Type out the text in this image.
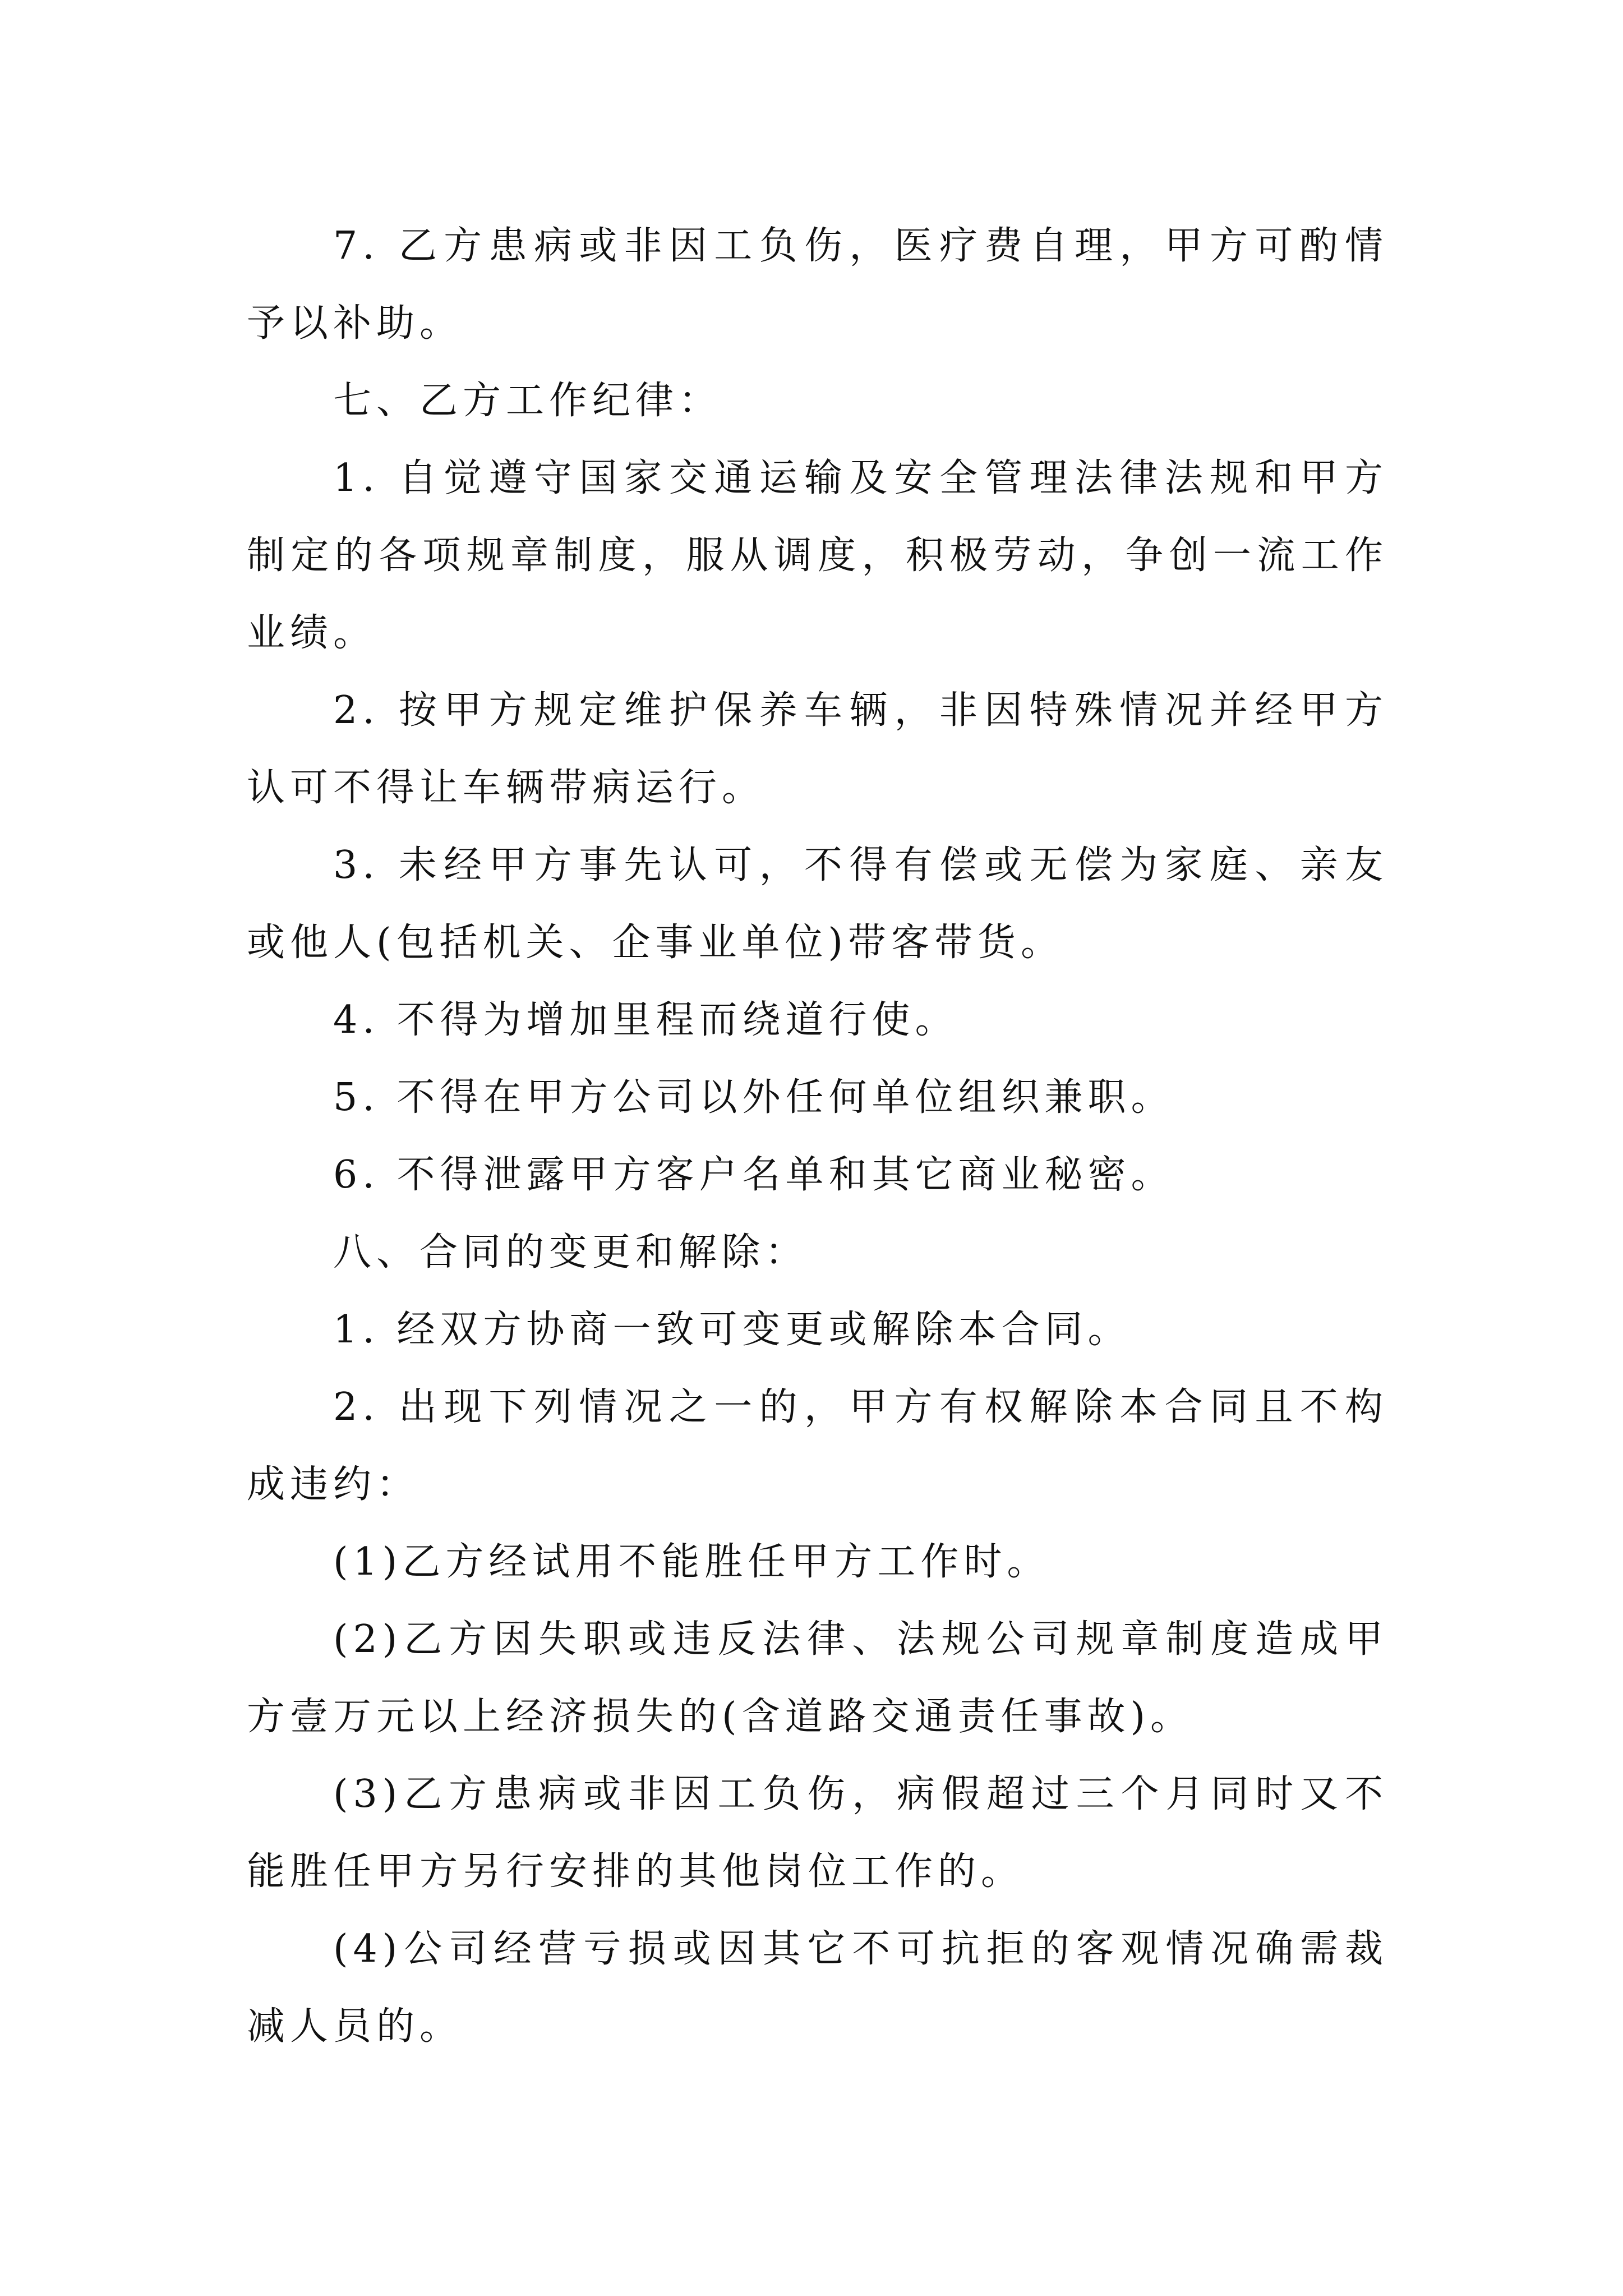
7. 乙方患病或非因工负伤，医疗费自理，甲方可酌情予以补助。

七、乙方工作纪律：

1. 自觉遵守国家交通运输及安全管理法律法规和甲方制定的各项规章制度，服从调度，积极劳动，争创一流工作业绩。

2. 按甲方规定维护保养车辆，非因特殊情况并经甲方认可不得让车辆带病运行。

3. 未经甲方事先认可，不得有偿或无偿为家庭、亲友或他人(包括机关、企事业单位)带客带货。

4. 不得为增加里程而绕道行使。

5. 不得在甲方公司以外任何单位组织兼职。

6. 不得泄露甲方客户名单和其它商业秘密。

八、合同的变更和解除：

1. 经双方协商一致可变更或解除本合同。

2. 出现下列情况之一的，甲方有权解除本合同且不构成违约：

(1)乙方经试用不能胜任甲方工作时。

(2)乙方因失职或违反法律、法规公司规章制度造成甲方壹万元以上经济损失的(含道路交通责任事故)。

(3)乙方患病或非因工负伤，病假超过三个月同时又不能胜任甲方另行安排的其他岗位工作的。

(4)公司经营亏损或因其它不可抗拒的客观情况确需裁减人员的。
